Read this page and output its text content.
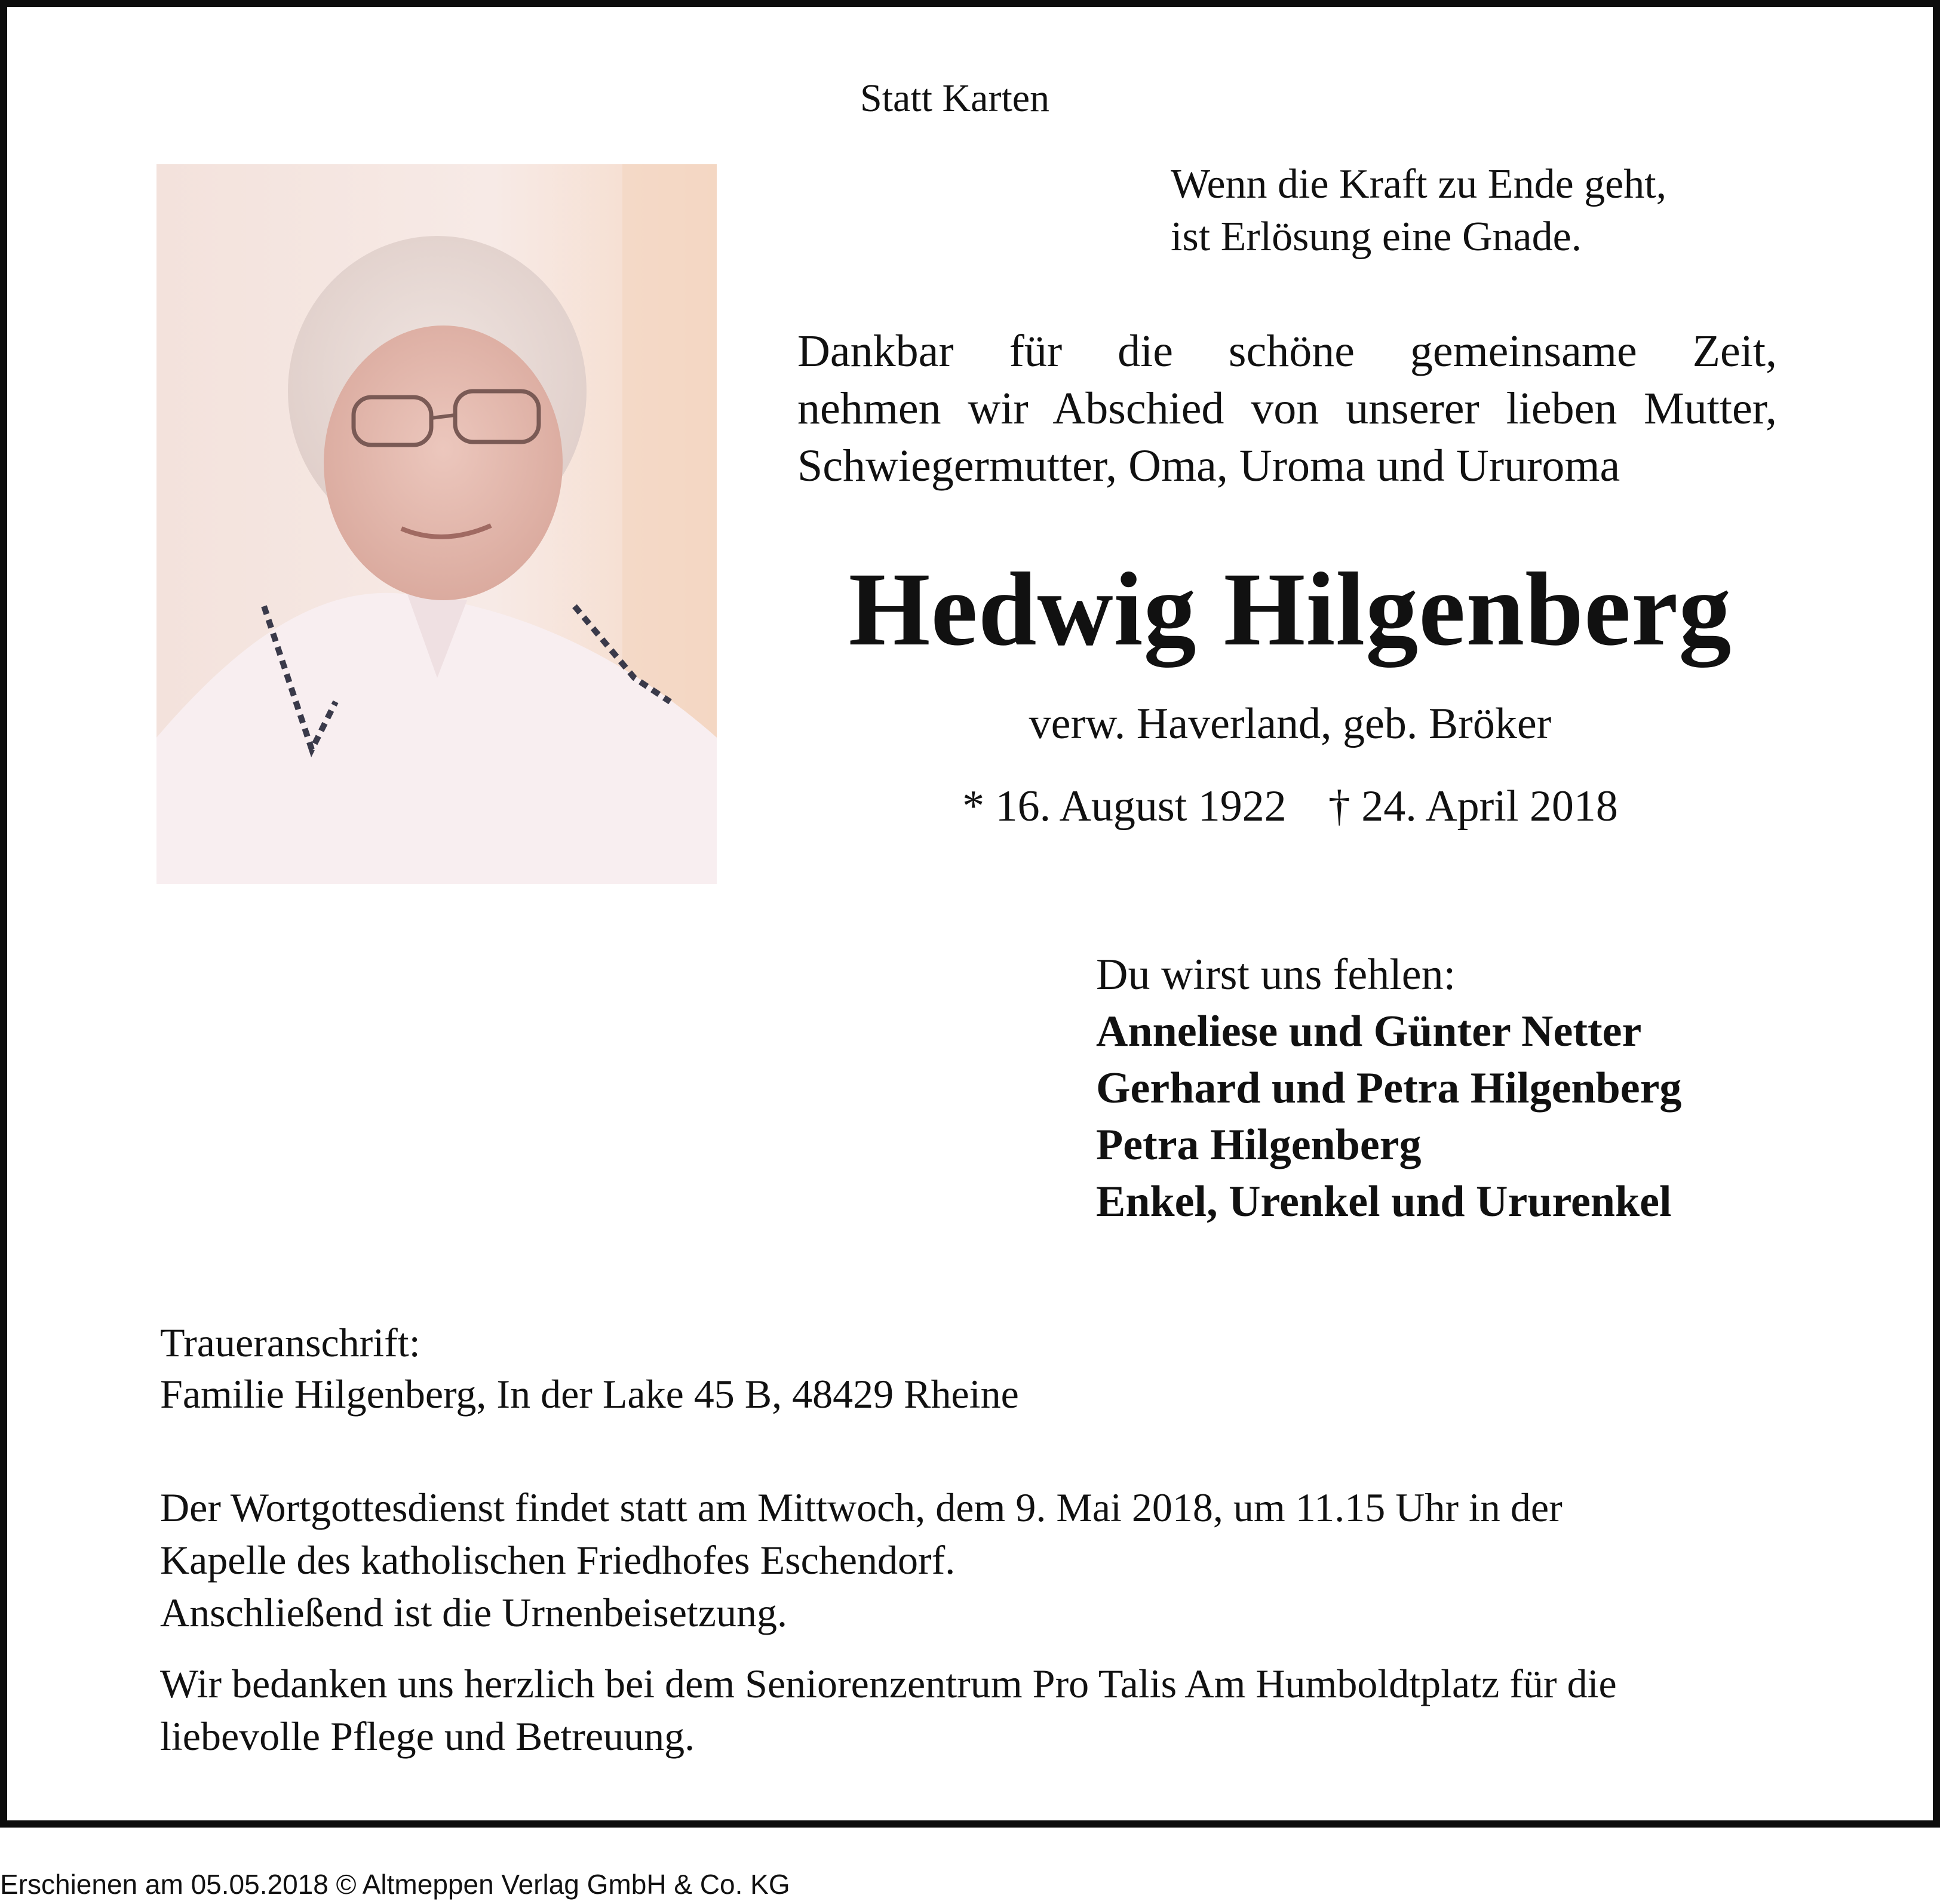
Statt Karten
Wenn die Kraft zu Ende geht,
ist Erlösung eine Gnade.
Dankbar für die schöne gemeinsame Zeit,
nehmen wir Abschied von unserer lieben Mutter,
Schwiegermutter, Oma, Uroma und Ururoma
Hedwig Hilgenberg
verw. Haverland, geb. Bröker
* 16. August 1922 † 24. April 2018
Du wirst uns fehlen:
Anneliese und Günter Netter
Gerhard und Petra Hilgenberg
Petra Hilgenberg
Enkel, Urenkel und Ururenkel
Traueranschrift:
Familie Hilgenberg, In der Lake 45 B, 48429 Rheine
Der Wortgottesdienst findet statt am Mittwoch, dem 9. Mai 2018, um 11.15 Uhr in der
Kapelle des katholischen Friedhofes Eschendorf.
Anschließend ist die Urnenbeisetzung.
Wir bedanken uns herzlich bei dem Seniorenzentrum Pro Talis Am Humboldtplatz für die
liebevolle Pflege und Betreuung.
Erschienen am 05.05.2018 © Altmeppen Verlag GmbH & Co. KG
